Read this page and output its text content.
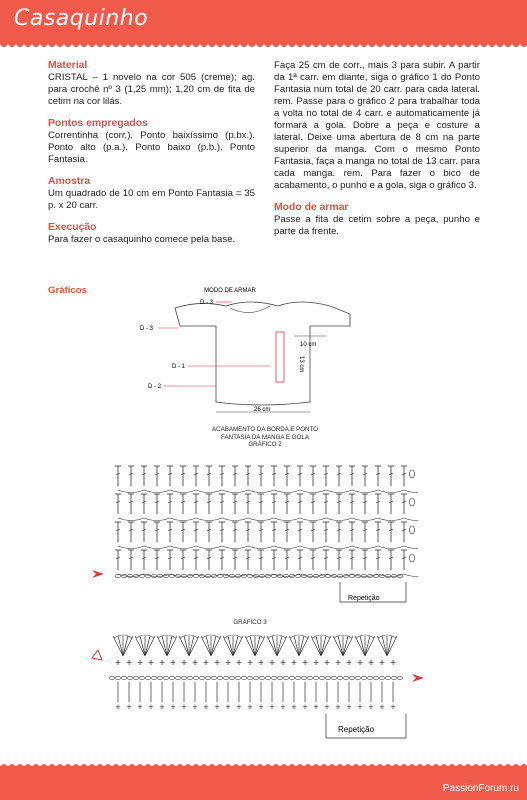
Casaquinho
Material
CRISTAL – 1 novelo na cor 505 (creme); ag. para crochê nº 3 (1,25 mm); 1,20 cm de fita de cetim na cor lilás.
Pontos empregados
Correntinha (corr.). Ponto baixíssimo (p.bx.). Ponto alto (p.a.). Ponto baixo (p.b.). Ponto Fantasia.
Amostra
Um quadrado de 10 cm em Ponto Fantasia = 35 p. x 20 carr.
Execução
Para fazer o casaquinho comece pela base.
Faça 25 cm de corr., mais 3 para subir. A partir da 1ª carr. em diante, siga o gráfico 1 do Ponto Fantasia num total de 20 carr. para cada lateral. rem. Passe para o gráfico 2 para trabalhar toda a volta no total de 4 carr. e automaticamente já formará a gola. Dobre a peça e costure a lateral. Deixe uma abertura de 8 cm na parte superior da manga. Com o mesmo Ponto Fantasia, faça a manga no total de 13 carr. para cada manga. rem. Para fazer o bico de acabamento, o punho e a gola, siga o gráfico 3.
Modo de armar
Passe a fita de cetim sobre a peça, punho e parte da frente.
Gráficos	MODO DE ARMAR
D - 3
D - 3
D - 1
D - 2
10 cm
13 cm
26 cm
ACABAMENTO DA BORDA E PONTO
FANTASIA DA MANGA E GOLA
GRÁFICO 2
Repetição
GRÁFICO 3
+ + + + + + + + + + + + + + + + + + + + + + + + + +
+ + + + + + + + + + + + + + + + + + + + + + + + + +
Repetição
PassionForum.ru
